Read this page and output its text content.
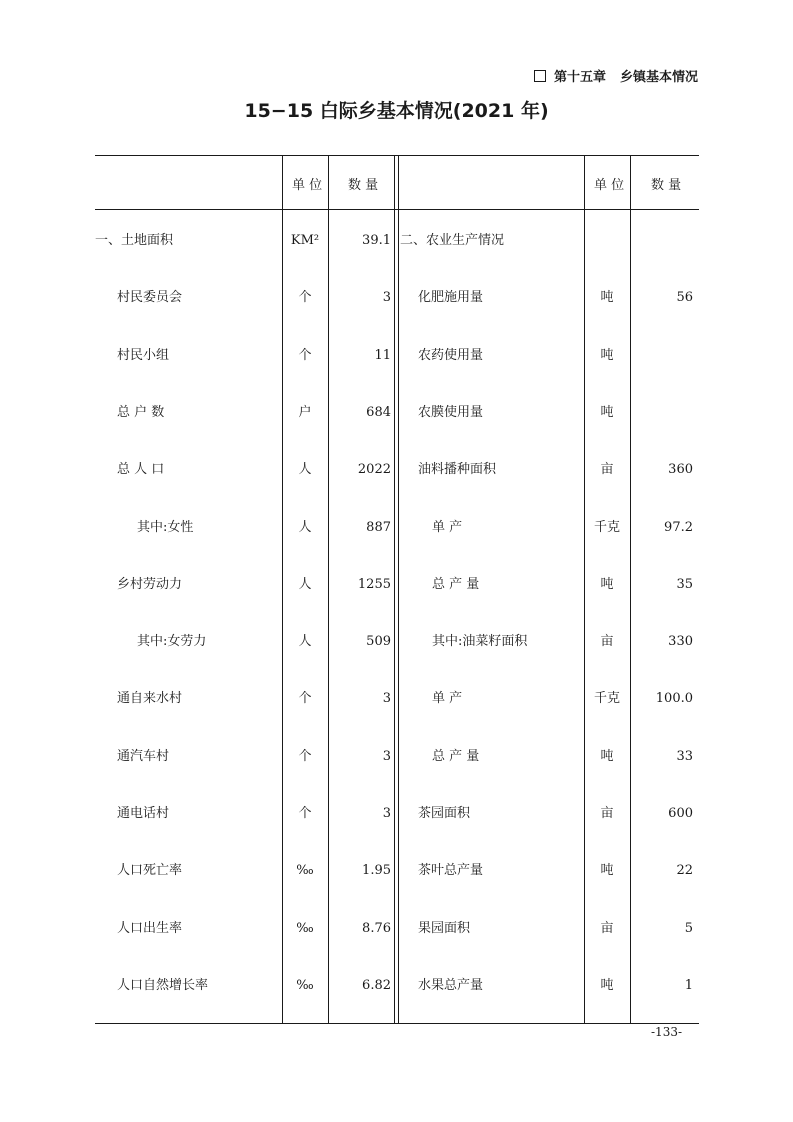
第十五章 乡镇基本情况
15−15 白际乡基本情况(2021 年)
单 位 数 量	单 位 数 量
一、土地面积	KM²	39.1
村民委员会	个	3
村民小组	个	11
总 户 数	户	684
总 人 口	人	2022
其中:女性	人	887
乡村劳动力	人	1255
其中:女劳力	人	509
通自来水村	个	3
通汽车村	个	3
通电话村	个	3
人口死亡率	‰	1.95
人口出生率	‰	8.76
人口自然增长率	‰	6.82
二、农业生产情况
化肥施用量	吨	56
农药使用量	吨
农膜使用量	吨
油料播种面积	亩	360
单 产	千克	97.2
总 产 量	吨	35
其中:油菜籽面积	亩	330
单 产	千克	100.0
总 产 量	吨	33
茶园面积	亩	600
茶叶总产量	吨	22
果园面积	亩	5
水果总产量	吨	1
-133-
